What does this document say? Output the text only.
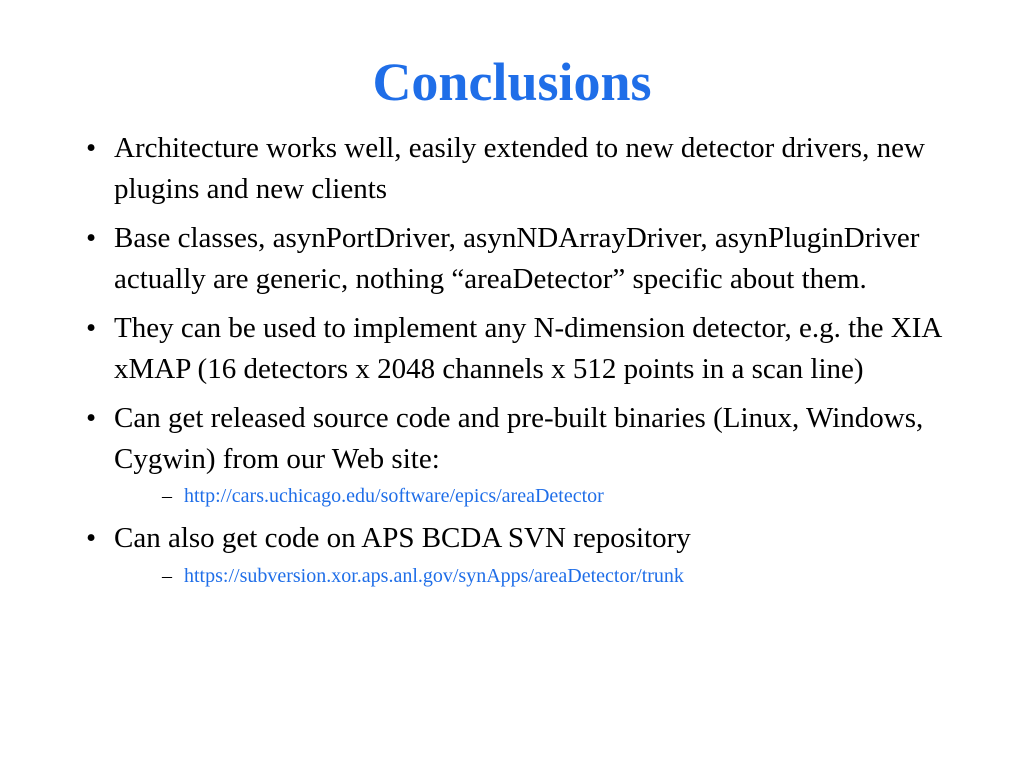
Conclusions
• Architecture works well, easily extended to new detector drivers, new plugins and new clients
• Base classes, asynPortDriver, asynNDArrayDriver, asynPluginDriver actually are generic, nothing “areaDetector” specific about them.
• They can be used to implement any N-dimension detector, e.g. the XIA xMAP (16 detectors x 2048 channels x 512 points in a scan line)
• Can get released source code and pre-built binaries (Linux, Windows, Cygwin) from our Web site:
– http://cars.uchicago.edu/software/epics/areaDetector
• Can also get code on APS BCDA SVN repository
– https://subversion.xor.aps.anl.gov/synApps/areaDetector/trunk
